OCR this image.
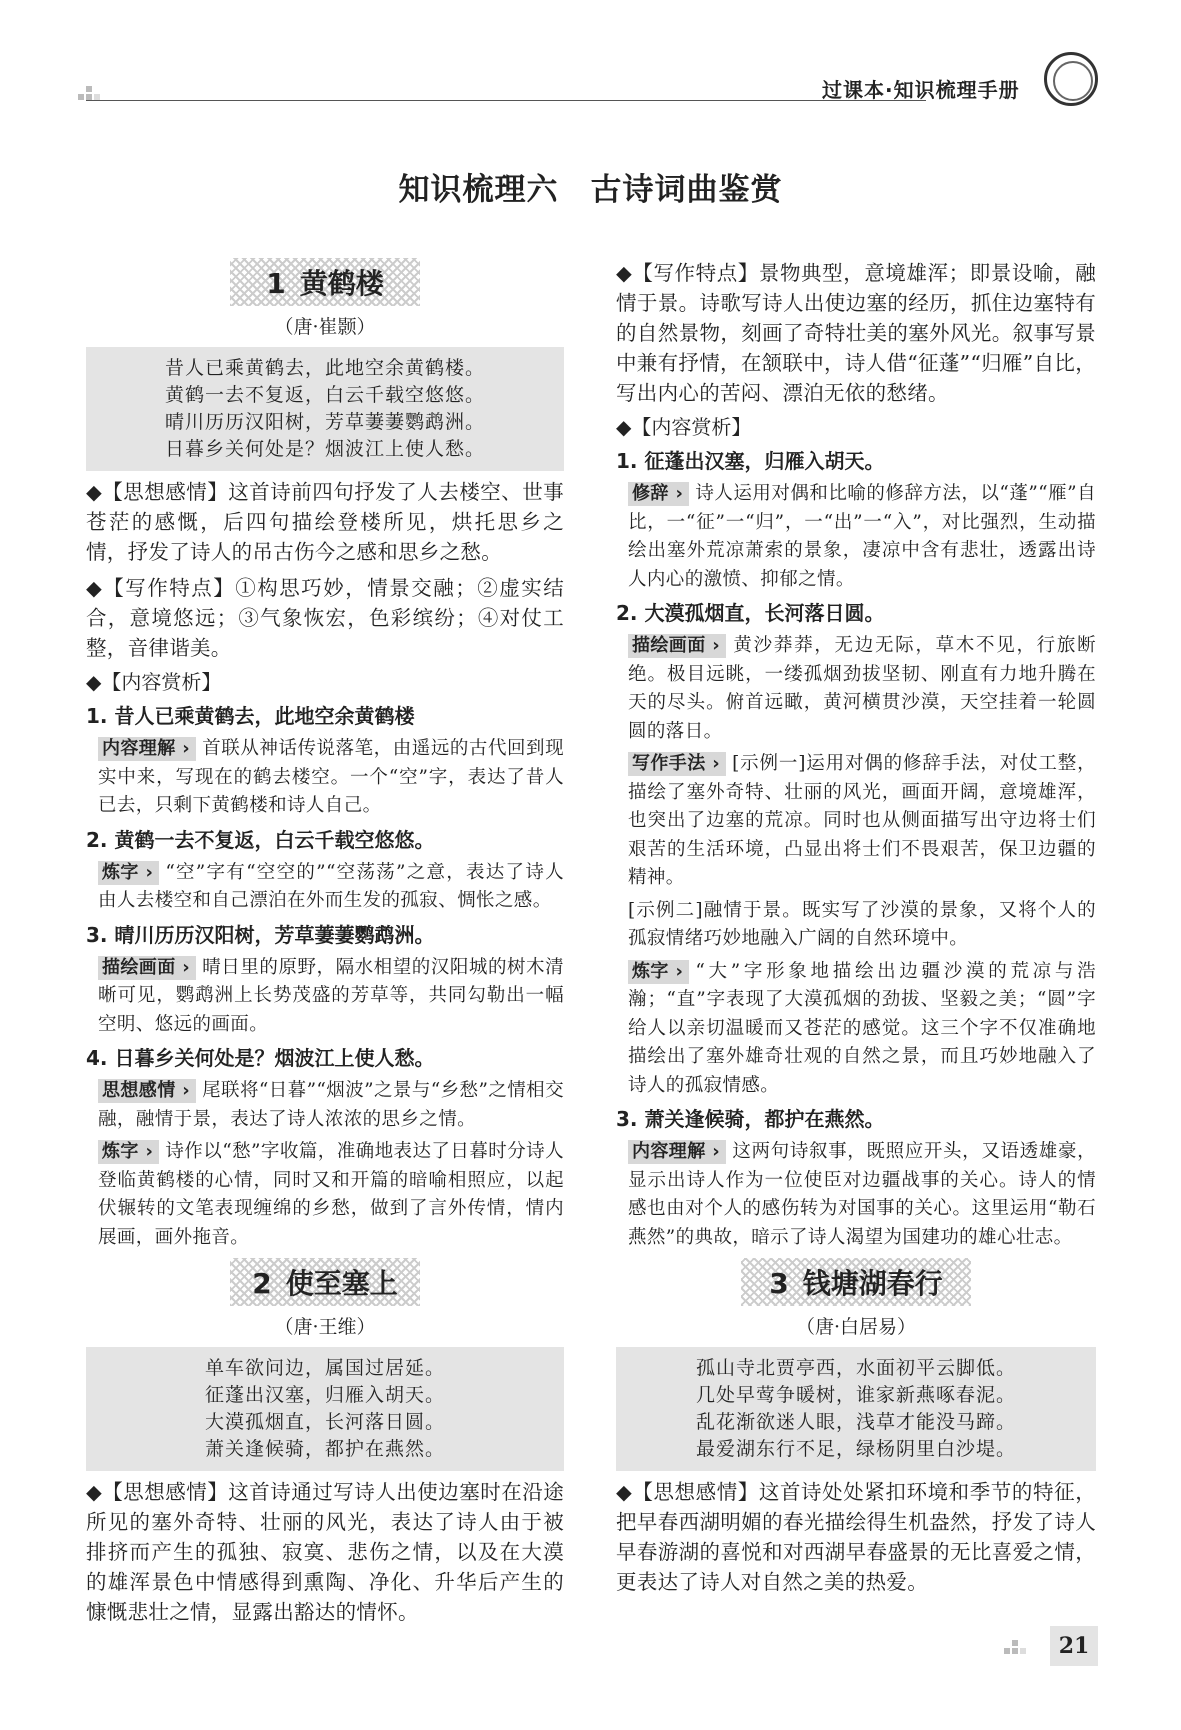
过课本·知识梳理手册
知识梳理六　古诗词曲鉴赏
1 黄鹤楼
（唐·崔颢）
昔人已乘黄鹤去，此地空余黄鹤楼。
黄鹤一去不复返，白云千载空悠悠。
晴川历历汉阳树，芳草萋萋鹦鹉洲。
日暮乡关何处是？烟波江上使人愁。
◆【思想感情】这首诗前四句抒发了人去楼空、世事苍茫的感慨，后四句描绘登楼所见，烘托思乡之情，抒发了诗人的吊古伤今之感和思乡之愁。
◆【写作特点】①构思巧妙，情景交融；②虚实结合，意境悠远；③气象恢宏，色彩缤纷；④对仗工整，音律谐美。
◆【内容赏析】
1. 昔人已乘黄鹤去，此地空余黄鹤楼
内容理解 › 首联从神话传说落笔，由遥远的古代回到现实中来，写现在的鹤去楼空。一个“空”字，表达了昔人已去，只剩下黄鹤楼和诗人自己。
2. 黄鹤一去不复返，白云千载空悠悠。
炼字 › “空”字有“空空的”“空荡荡”之意，表达了诗人由人去楼空和自己漂泊在外而生发的孤寂、惆怅之感。
3. 晴川历历汉阳树，芳草萋萋鹦鹉洲。
描绘画面 › 晴日里的原野，隔水相望的汉阳城的树木清晰可见，鹦鹉洲上长势茂盛的芳草等，共同勾勒出一幅空明、悠远的画面。
4. 日暮乡关何处是？烟波江上使人愁。
思想感情 › 尾联将“日暮”“烟波”之景与“乡愁”之情相交融，融情于景，表达了诗人浓浓的思乡之情。
炼字 › 诗作以“愁”字收篇，准确地表达了日暮时分诗人登临黄鹤楼的心情，同时又和开篇的暗喻相照应，以起伏辗转的文笔表现缠绵的乡愁，做到了言外传情，情内展画，画外拖音。
2 使至塞上
（唐·王维）
单车欲问边，属国过居延。
征蓬出汉塞，归雁入胡天。
大漠孤烟直，长河落日圆。
萧关逢候骑，都护在燕然。
◆【思想感情】这首诗通过写诗人出使边塞时在沿途所见的塞外奇特、壮丽的风光，表达了诗人由于被排挤而产生的孤独、寂寞、悲伤之情，以及在大漠的雄浑景色中情感得到熏陶、净化、升华后产生的慷慨悲壮之情，显露出豁达的情怀。
◆【写作特点】景物典型，意境雄浑；即景设喻，融情于景。诗歌写诗人出使边塞的经历，抓住边塞特有的自然景物，刻画了奇特壮美的塞外风光。叙事写景中兼有抒情，在颔联中，诗人借“征蓬”“归雁”自比，写出内心的苦闷、漂泊无依的愁绪。
◆【内容赏析】
1. 征蓬出汉塞，归雁入胡天。
修辞 › 诗人运用对偶和比喻的修辞方法，以“蓬”“雁”自比，一“征”一“归”，一“出”一“入”，对比强烈，生动描绘出塞外荒凉萧索的景象，凄凉中含有悲壮，透露出诗人内心的激愤、抑郁之情。
2. 大漠孤烟直，长河落日圆。
描绘画面 › 黄沙莽莽，无边无际，草木不见，行旅断绝。极目远眺，一缕孤烟劲拔坚韧、刚直有力地升腾在天的尽头。俯首远瞰，黄河横贯沙漠，天空挂着一轮圆圆的落日。
写作手法 › [示例一]运用对偶的修辞手法，对仗工整，描绘了塞外奇特、壮丽的风光，画面开阔，意境雄浑，也突出了边塞的荒凉。同时也从侧面描写出守边将士们艰苦的生活环境，凸显出将士们不畏艰苦，保卫边疆的精神。
[示例二]融情于景。既实写了沙漠的景象，又将个人的孤寂情绪巧妙地融入广阔的自然环境中。
炼字 › “大”字形象地描绘出边疆沙漠的荒凉与浩瀚；“直”字表现了大漠孤烟的劲拔、坚毅之美；“圆”字给人以亲切温暖而又苍茫的感觉。这三个字不仅准确地描绘出了塞外雄奇壮观的自然之景，而且巧妙地融入了诗人的孤寂情感。
3. 萧关逢候骑，都护在燕然。
内容理解 › 这两句诗叙事，既照应开头，又语透雄豪，显示出诗人作为一位使臣对边疆战事的关心。诗人的情感也由对个人的感伤转为对国事的关心。这里运用“勒石燕然”的典故，暗示了诗人渴望为国建功的雄心壮志。
3 钱塘湖春行
（唐·白居易）
孤山寺北贾亭西，水面初平云脚低。
几处早莺争暖树，谁家新燕啄春泥。
乱花渐欲迷人眼，浅草才能没马蹄。
最爱湖东行不足，绿杨阴里白沙堤。
◆【思想感情】这首诗处处紧扣环境和季节的特征，把早春西湖明媚的春光描绘得生机盎然，抒发了诗人早春游湖的喜悦和对西湖早春盛景的无比喜爱之情，更表达了诗人对自然之美的热爱。
21
